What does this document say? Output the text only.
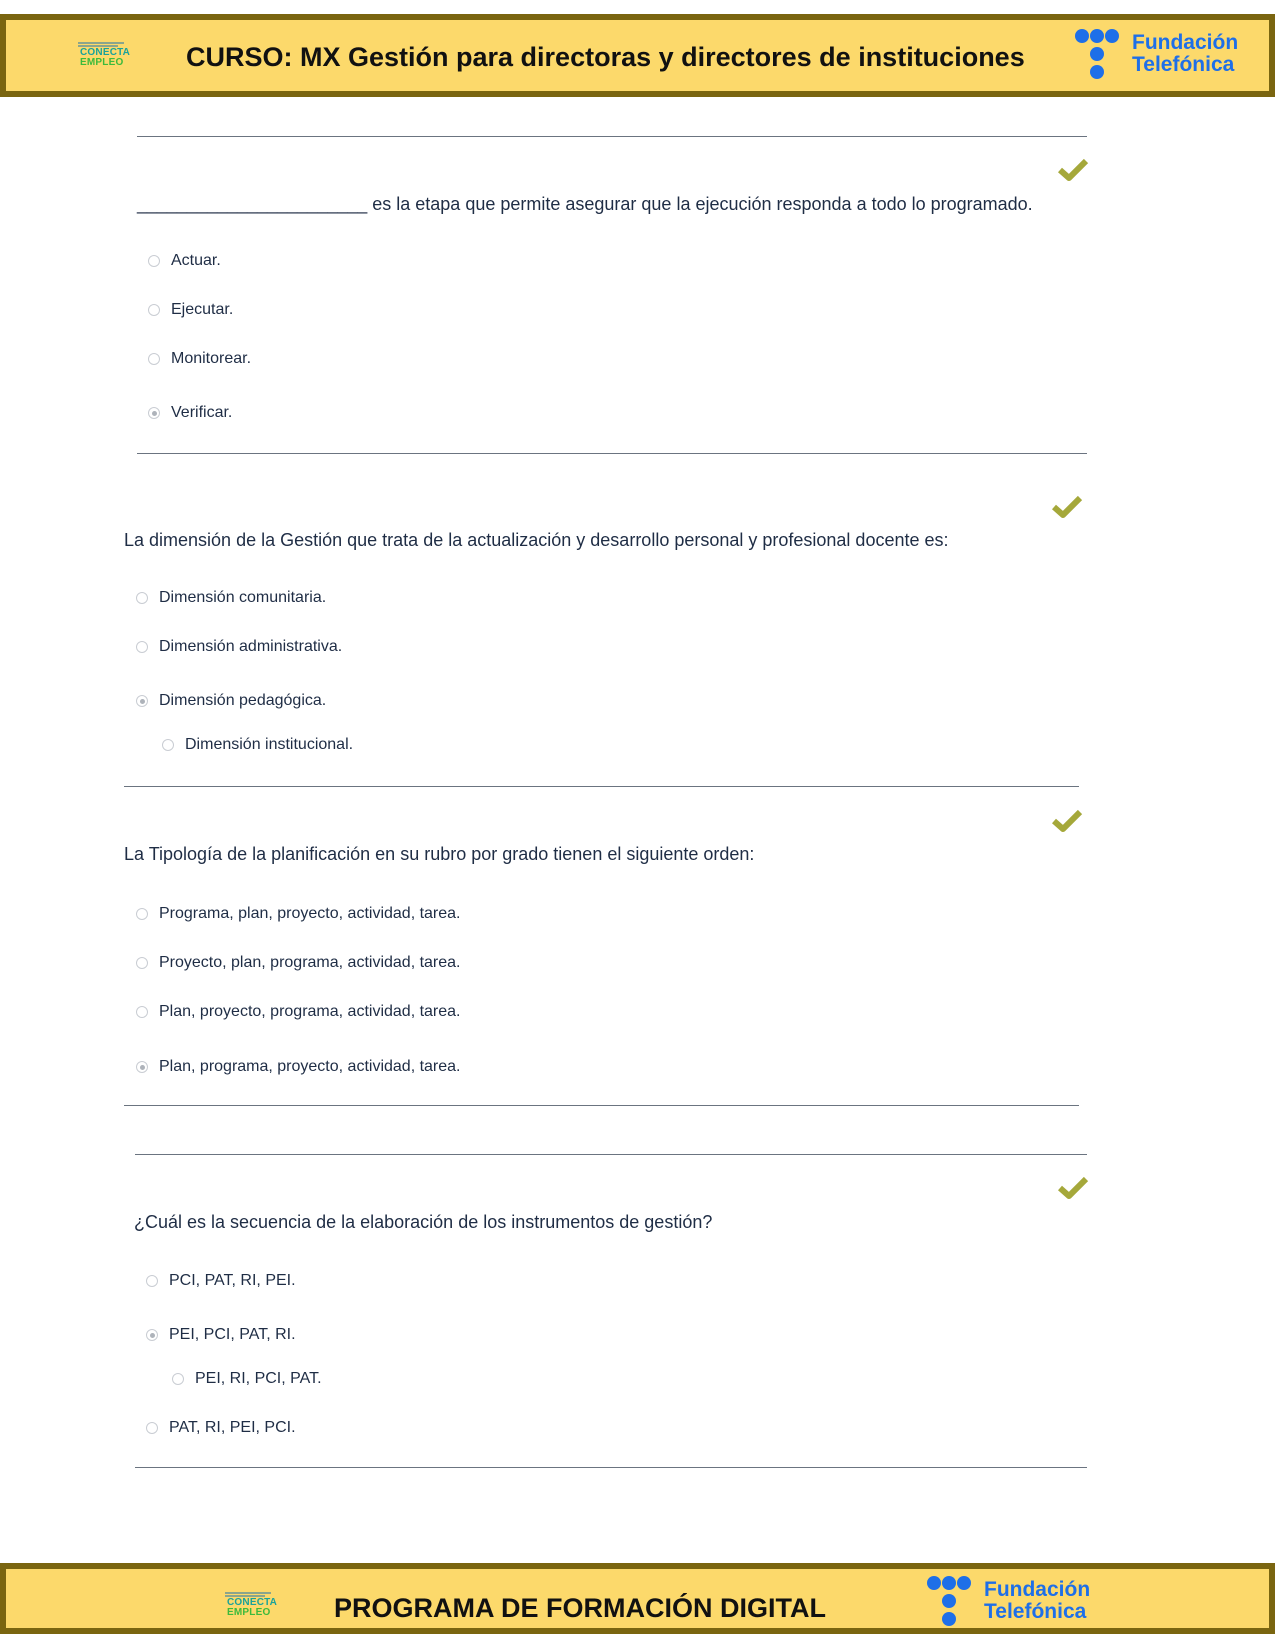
CONECTA
EMPLEO	CURSO: MX Gestión para directoras y directores de instituciones	Fundación
Telefónica
_______________________ es la etapa que permite asegurar que la ejecución responda a todo lo programado.
Actuar.
Ejecutar.
Monitorear.
Verificar.
La dimensión de la Gestión que trata de la actualización y desarrollo personal y profesional docente es:
Dimensión comunitaria.
Dimensión administrativa.
Dimensión pedagógica.
Dimensión institucional.
La Tipología de la planificación en su rubro por grado tienen el siguiente orden:
Programa, plan, proyecto, actividad, tarea.
Proyecto, plan, programa, actividad, tarea.
Plan, proyecto, programa, actividad, tarea.
Plan, programa, proyecto, actividad, tarea.
¿Cuál es la secuencia de la elaboración de los instrumentos de gestión?
PCI, PAT, RI, PEI.
PEI, PCI, PAT, RI.
PEI, RI, PCI, PAT.
PAT, RI, PEI, PCI.
CONECTA
EMPLEO	PROGRAMA DE FORMACIÓN DIGITAL
Fundación
Telefónica
